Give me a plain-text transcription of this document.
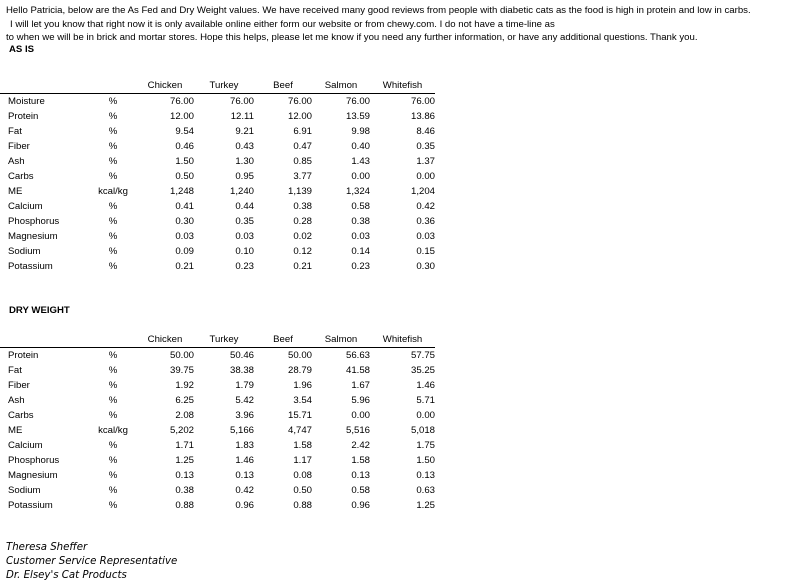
Hello Patricia, below are the As Fed and Dry Weight values. We have received many good reviews from people with diabetic cats as the food is high in protein and low in carbs.
I will let you know that right now it is only available online either form our website or from chewy.com. I do not have a time-line as
to when we will be in brick and mortar stores. Hope this helps, please let me know if you need any further information, or have any additional questions. Thank you.
AS IS
		Chicken	Turkey	Beef	Salmon	Whitefish
Moisture	%	76.00	76.00	76.00	76.00	76.00
Protein	%	12.00	12.11	12.00	13.59	13.86
Fat	%	9.54	9.21	6.91	9.98	8.46
Fiber	%	0.46	0.43	0.47	0.40	0.35
Ash	%	1.50	1.30	0.85	1.43	1.37
Carbs	%	0.50	0.95	3.77	0.00	0.00
ME	kcal/kg	1,248	1,240	1,139	1,324	1,204
Calcium	%	0.41	0.44	0.38	0.58	0.42
Phosphorus	%	0.30	0.35	0.28	0.38	0.36
Magnesium	%	0.03	0.03	0.02	0.03	0.03
Sodium	%	0.09	0.10	0.12	0.14	0.15
Potassium	%	0.21	0.23	0.21	0.23	0.30
DRY WEIGHT
		Chicken	Turkey	Beef	Salmon	Whitefish
Protein	%	50.00	50.46	50.00	56.63	57.75
Fat	%	39.75	38.38	28.79	41.58	35.25
Fiber	%	1.92	1.79	1.96	1.67	1.46
Ash	%	6.25	5.42	3.54	5.96	5.71
Carbs	%	2.08	3.96	15.71	0.00	0.00
ME	kcal/kg	5,202	5,166	4,747	5,516	5,018
Calcium	%	1.71	1.83	1.58	2.42	1.75
Phosphorus	%	1.25	1.46	1.17	1.58	1.50
Magnesium	%	0.13	0.13	0.08	0.13	0.13
Sodium	%	0.38	0.42	0.50	0.58	0.63
Potassium	%	0.88	0.96	0.88	0.96	1.25
Theresa Sheffer
Customer Service Representative
Dr. Elsey's Cat Products
